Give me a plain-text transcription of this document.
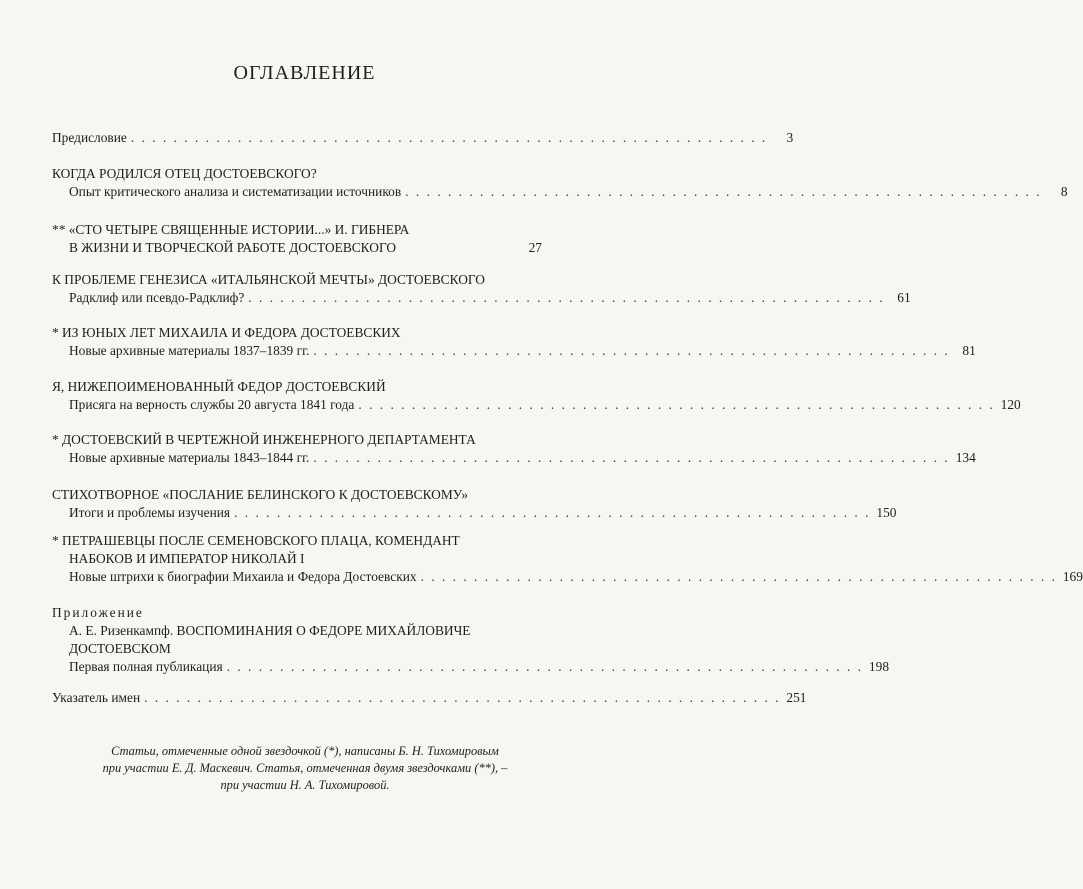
ОГЛАВЛЕНИЕ
Предисловие . . . . . . . . . . . . . . . . . . . . . . . . . . . . . . . . . . . . . . . . . . . . . . . . . . . . . . . . . . . .	3
КОГДА РОДИЛСЯ ОТЕЦ ДОСТОЕВСКОГО?
Опыт критического анализа и систематизации источников . . . . . . . . . . . . . . . . . . . . . . . . . . . . . . . . . . . . . . . . . . . . . . . . . . . . . . . . . . . .	8
** «СТО ЧЕТЫРЕ СВЯЩЕННЫЕ ИСТОРИИ...» И. ГИБНЕРА
В ЖИЗНИ И ТВОРЧЕСКОЙ РАБОТЕ ДОСТОЕВСКОГО	27
К ПРОБЛЕМЕ ГЕНЕЗИСА «ИТАЛЬЯНСКОЙ МЕЧТЫ» ДОСТОЕВСКОГО
Радклиф или псевдо-Радклиф? . . . . . . . . . . . . . . . . . . . . . . . . . . . . . . . . . . . . . . . . . . . . . . . . . . . . . . . . . . . . 61
* ИЗ ЮНЫХ ЛЕТ МИХАИЛА И ФЕДОРА ДОСТОЕВСКИХ
Новые архивные материалы 1837–1839 гг. . . . . . . . . . . . . . . . . . . . . . . . . . . . . . . . . . . . . . . . . . . . . . . . . . . . . . . . . . . . . 81
Я, НИЖЕПОИМЕНОВАННЫЙ ФЕДОР ДОСТОЕВСКИЙ
Присяга на верность службы 20 августа 1841 года . . . . . . . . . . . . . . . . . . . . . . . . . . . . . . . . . . . . . . . . . . . . . . . . . . . . . . . . . . . . 120
* ДОСТОЕВСКИЙ В ЧЕРТЕЖНОЙ ИНЖЕНЕРНОГО ДЕПАРТАМЕНТА
Новые архивные материалы 1843–1844 гг. . . . . . . . . . . . . . . . . . . . . . . . . . . . . . . . . . . . . . . . . . . . . . . . . . . . . . . . . . . . . 134
СТИХОТВОРНОЕ «ПОСЛАНИЕ БЕЛИНСКОГО К ДОСТОЕВСКОМУ»
Итоги и проблемы изучения . . . . . . . . . . . . . . . . . . . . . . . . . . . . . . . . . . . . . . . . . . . . . . . . . . . . . . . . . . . . 150
* ПЕТРАШЕВЦЫ ПОСЛЕ СЕМЕНОВСКОГО ПЛАЦА, КОМЕНДАНТ
НАБОКОВ И ИМПЕРАТОР НИКОЛАЙ I
Новые штрихи к биографии Михаила и Федора Достоевских . . . . . . . . . . . . . . . . . . . . . . . . . . . . . . . . . . . . . . . . . . . . . . . . . . . . . . . . . . . . 169
Приложение
А. Е. Ризенкампф. ВОСПОМИНАНИЯ О ФЕДОРЕ МИХАЙЛОВИЧЕ
ДОСТОЕВСКОМ
Первая полная публикация . . . . . . . . . . . . . . . . . . . . . . . . . . . . . . . . . . . . . . . . . . . . . . . . . . . . . . . . . . . . 198
Указатель имен . . . . . . . . . . . . . . . . . . . . . . . . . . . . . . . . . . . . . . . . . . . . . . . . . . . . . . . . . . . . 251
Статьи, отмеченные одной звездочкой (*), написаны Б. Н. Тихомировым
при участии Е. Д. Маскевич. Статья, отмеченная двумя звездочками (**), –
при участии Н. А. Тихомировой.
